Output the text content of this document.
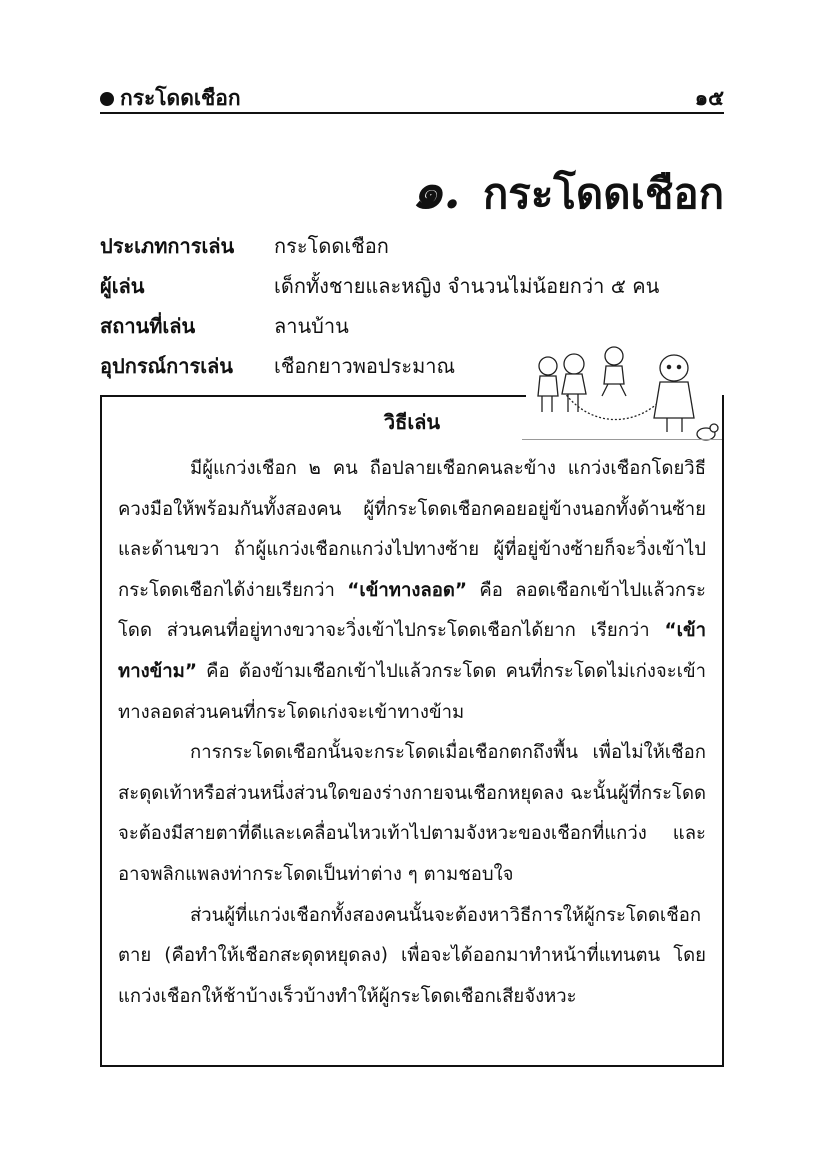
กระโดดเชือก	๑๕
๑. กระโดดเชือก
ประเภทการเล่น กระโดดเชือก
ผู้เล่น	เด็กทั้งชายและหญิง จำนวนไม่น้อยกว่า ๕ คน
สถานที่เล่น	ลานบ้าน
อุปกรณ์การเล่น เชือกยาวพอประมาณ
วิธีเล่น

มีผู้แกว่งเชือก ๒ คน ถือปลายเชือกคนละข้าง แกว่งเชือกโดยวิธีควงมือให้พร้อมกันทั้งสองคน ผู้ที่กระโดดเชือกคอยอยู่ข้างนอกทั้งด้านซ้ายและด้านขวา ถ้าผู้แกว่งเชือกแกว่งไปทางซ้าย ผู้ที่อยู่ข้างซ้ายก็จะวิ่งเข้าไปกระโดดเชือกได้ง่ายเรียกว่า “เข้าทางลอด” คือ ลอดเชือกเข้าไปแล้วกระโดด ส่วนคนที่อยู่ทางขวาจะวิ่งเข้าไปกระโดดเชือกได้ยาก เรียกว่า “เข้าทางข้าม” คือ ต้องข้ามเชือกเข้าไปแล้วกระโดด คนที่กระโดดไม่เก่งจะเข้าทางลอดส่วนคนที่กระโดดเก่งจะเข้าทางข้าม

การกระโดดเชือกนั้นจะกระโดดเมื่อเชือกตกถึงพื้น เพื่อไม่ให้เชือกสะดุดเท้าหรือส่วนหนึ่งส่วนใดของร่างกายจนเชือกหยุดลง ฉะนั้นผู้ที่กระโดดจะต้องมีสายตาที่ดีและเคลื่อนไหวเท้าไปตามจังหวะของเชือกที่แกว่ง และอาจพลิกแพลงท่ากระโดดเป็นท่าต่าง ๆ ตามชอบใจ

ส่วนผู้ที่แกว่งเชือกทั้งสองคนนั้นจะต้องหาวิธีการให้ผู้กระโดดเชือกตาย (คือทำให้เชือกสะดุดหยุดลง) เพื่อจะได้ออกมาทำหน้าที่แทนตน โดยแกว่งเชือกให้ช้าบ้างเร็วบ้างทำให้ผู้กระโดดเชือกเสียจังหวะ
